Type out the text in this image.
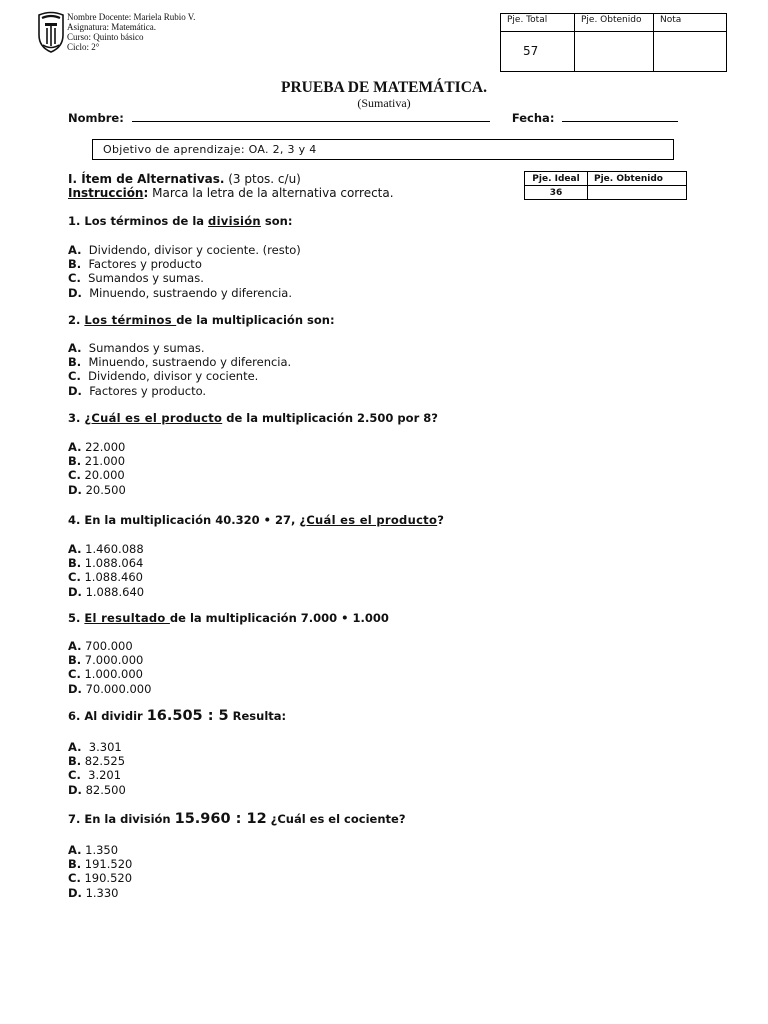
Nombre Docente: Mariela Rubio V.
Asignatura: Matemática.
Curso: Quinto básico
Ciclo: 2°
Pje. Total	Pje. Obtenido	Nota
57		
PRUEBA DE MATEMÁTICA.
(Sumativa)
Nombre:	Fecha:
Objetivo de aprendizaje: OA. 2, 3 y 4
I. Ítem de Alternativas. (3 ptos. c/u)
Instrucción: Marca la letra de la alternativa correcta.
Pje. Ideal	Pje. Obtenido
36	
1. Los términos de la división son:
A.  Dividendo, divisor y cociente. (resto)
B.  Factores y producto
C.  Sumandos y sumas.
D.  Minuendo, sustraendo y diferencia.
2. Los términos de la multiplicación son:
A.  Sumandos y sumas.
B.  Minuendo, sustraendo y diferencia.
C.  Dividendo, divisor y cociente.
D.  Factores y producto.
3. ¿Cuál es el producto de la multiplicación 2.500 por 8?
A. 22.000
B. 21.000
C. 20.000
D. 20.500
4. En la multiplicación 40.320 • 27, ¿Cuál es el producto?
A. 1.460.088
B. 1.088.064
C. 1.088.460
D. 1.088.640
5. El resultado de la multiplicación 7.000 • 1.000
A. 700.000
B. 7.000.000
C. 1.000.000
D. 70.000.000
6. Al dividir 16.505 : 5 Resulta:
A.  3.301
B. 82.525
C.  3.201
D. 82.500
7. En la división 15.960 : 12 ¿Cuál es el cociente?
A. 1.350
B. 191.520
C. 190.520
D. 1.330
